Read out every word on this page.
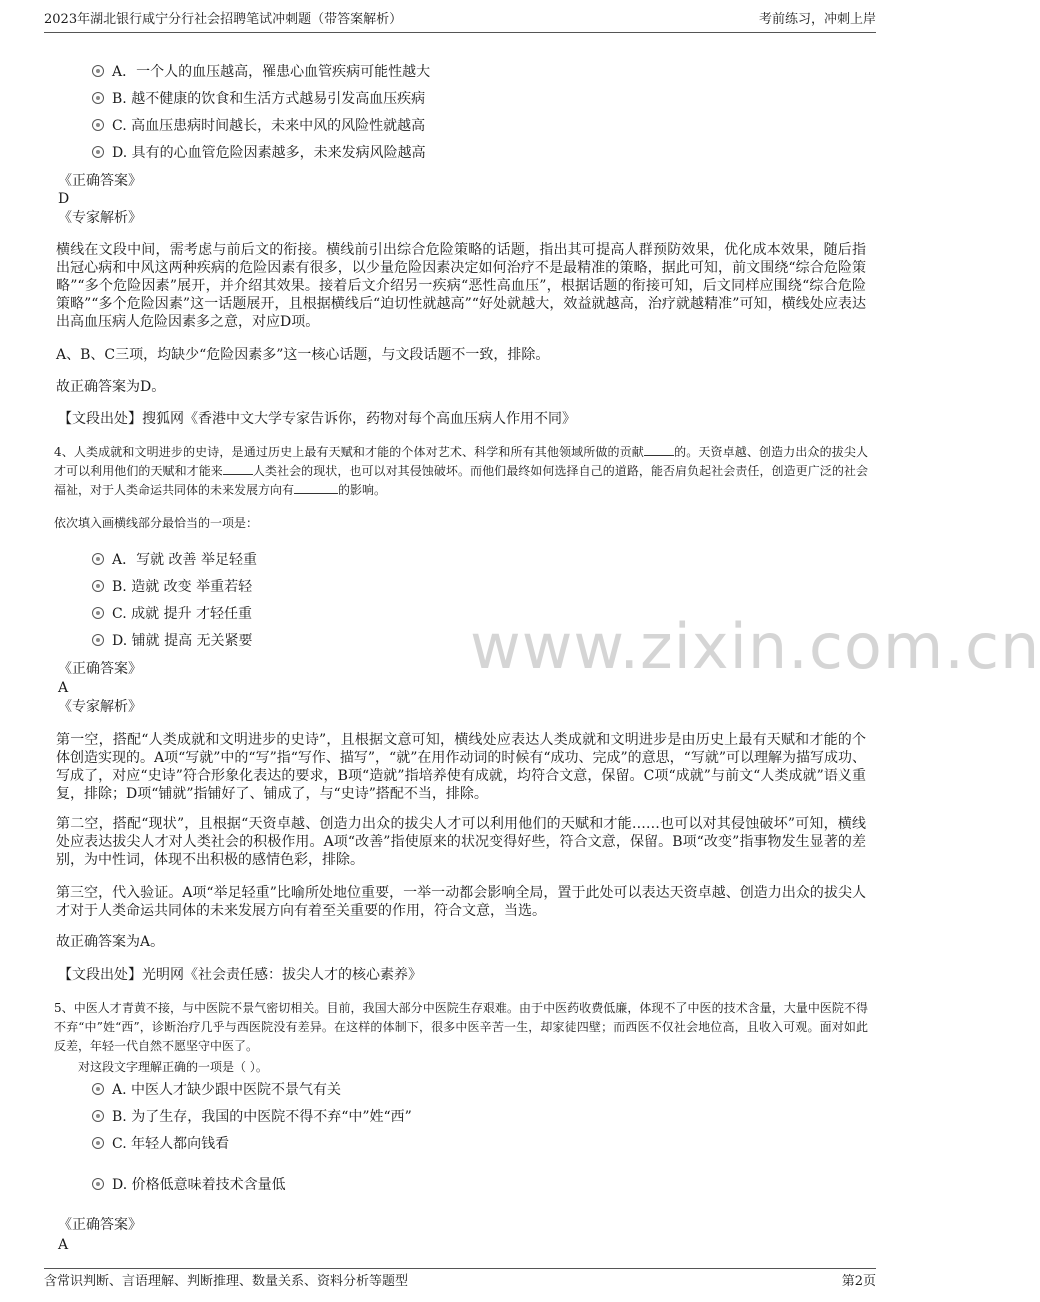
2023年湖北银行咸宁分行社会招聘笔试冲刺题（带答案解析）	考前练习，冲刺上岸
www.zixin.com.cn
A．一个人的血压越高，罹患心血管疾病可能性越大
B. 越不健康的饮食和生活方式越易引发高血压疾病
C. 高血压患病时间越长，未来中风的风险性就越高
D. 具有的心血管危险因素越多，未来发病风险越高
《正确答案》
D
《专家解析》
横线在文段中间，需考虑与前后文的衔接。横线前引出综合危险策略的话题，指出其可提高人群预防效果，优化成本效果，随后指出冠心病和中风这两种疾病的危险因素有很多，以少量危险因素决定如何治疗不是最精准的策略，据此可知，前文围绕“综合危险策略”“多个危险因素”展开，并介绍其效果。接着后文介绍另一疾病“恶性高血压”，根据话题的衔接可知，后文同样应围绕“综合危险策略”“多个危险因素”这一话题展开，且根据横线后“迫切性就越高”“好处就越大，效益就越高，治疗就越精准”可知，横线处应表达出高血压病人危险因素多之意，对应D项。
A、B、C三项，均缺少“危险因素多”这一核心话题，与文段话题不一致，排除。
故正确答案为D。
【文段出处】搜狐网《香港中文大学专家告诉你，药物对每个高血压病人作用不同》
4、人类成就和文明进步的史诗，是通过历史上最有天赋和才能的个体对艺术、科学和所有其他领域所做的贡献	的。天资卓越、创造力出众的拔尖人才可以利用他们的天赋和才能来	人类社会的现状，也可以对其侵蚀破坏。而他们最终如何选择自己的道路，能否肩负起社会责任，创造更广泛的社会福祉，对于人类命运共同体的未来发展方向有	的影响。
依次填入画横线部分最恰当的一项是：
A．写就 改善 举足轻重
B. 造就 改变 举重若轻
C. 成就 提升 才轻任重
D. 铺就 提高 无关紧要
《正确答案》
A
《专家解析》
第一空，搭配“人类成就和文明进步的史诗”，且根据文意可知，横线处应表达人类成就和文明进步是由历史上最有天赋和才能的个体创造实现的。A项“写就”中的“写”指“写作、描写”，“就”在用作动词的时候有“成功、完成”的意思，“写就”可以理解为描写成功、写成了，对应“史诗”符合形象化表达的要求，B项“造就”指培养使有成就，均符合文意，保留。C项“成就”与前文“人类成就”语义重复，排除；D项“铺就”指铺好了、铺成了，与“史诗”搭配不当，排除。
第二空，搭配“现状”，且根据“天资卓越、创造力出众的拔尖人才可以利用他们的天赋和才能……也可以对其侵蚀破坏”可知，横线处应表达拔尖人才对人类社会的积极作用。A项“改善”指使原来的状况变得好些，符合文意，保留。B项“改变”指事物发生显著的差别，为中性词，体现不出积极的感情色彩，排除。
第三空，代入验证。A项“举足轻重”比喻所处地位重要，一举一动都会影响全局，置于此处可以表达天资卓越、创造力出众的拔尖人才对于人类命运共同体的未来发展方向有着至关重要的作用，符合文意，当选。
故正确答案为A。
【文段出处】光明网《社会责任感：拔尖人才的核心素养》
5、中医人才青黄不接，与中医院不景气密切相关。目前，我国大部分中医院生存艰难。由于中医药收费低廉，体现不了中医的技术含量，大量中医院不得不弃“中”姓“西”，诊断治疗几乎与西医院没有差异。在这样的体制下，很多中医辛苦一生，却家徒四壁；而西医不仅社会地位高，且收入可观。面对如此反差，年轻一代自然不愿坚守中医了。
对这段文字理解正确的一项是（ ）。
A. 中医人才缺少跟中医院不景气有关
B. 为了生存，我国的中医院不得不弃“中”姓“西”
C. 年轻人都向钱看
D. 价格低意味着技术含量低
《正确答案》
A
含常识判断、言语理解、判断推理、数量关系、资料分析等题型	第2页
